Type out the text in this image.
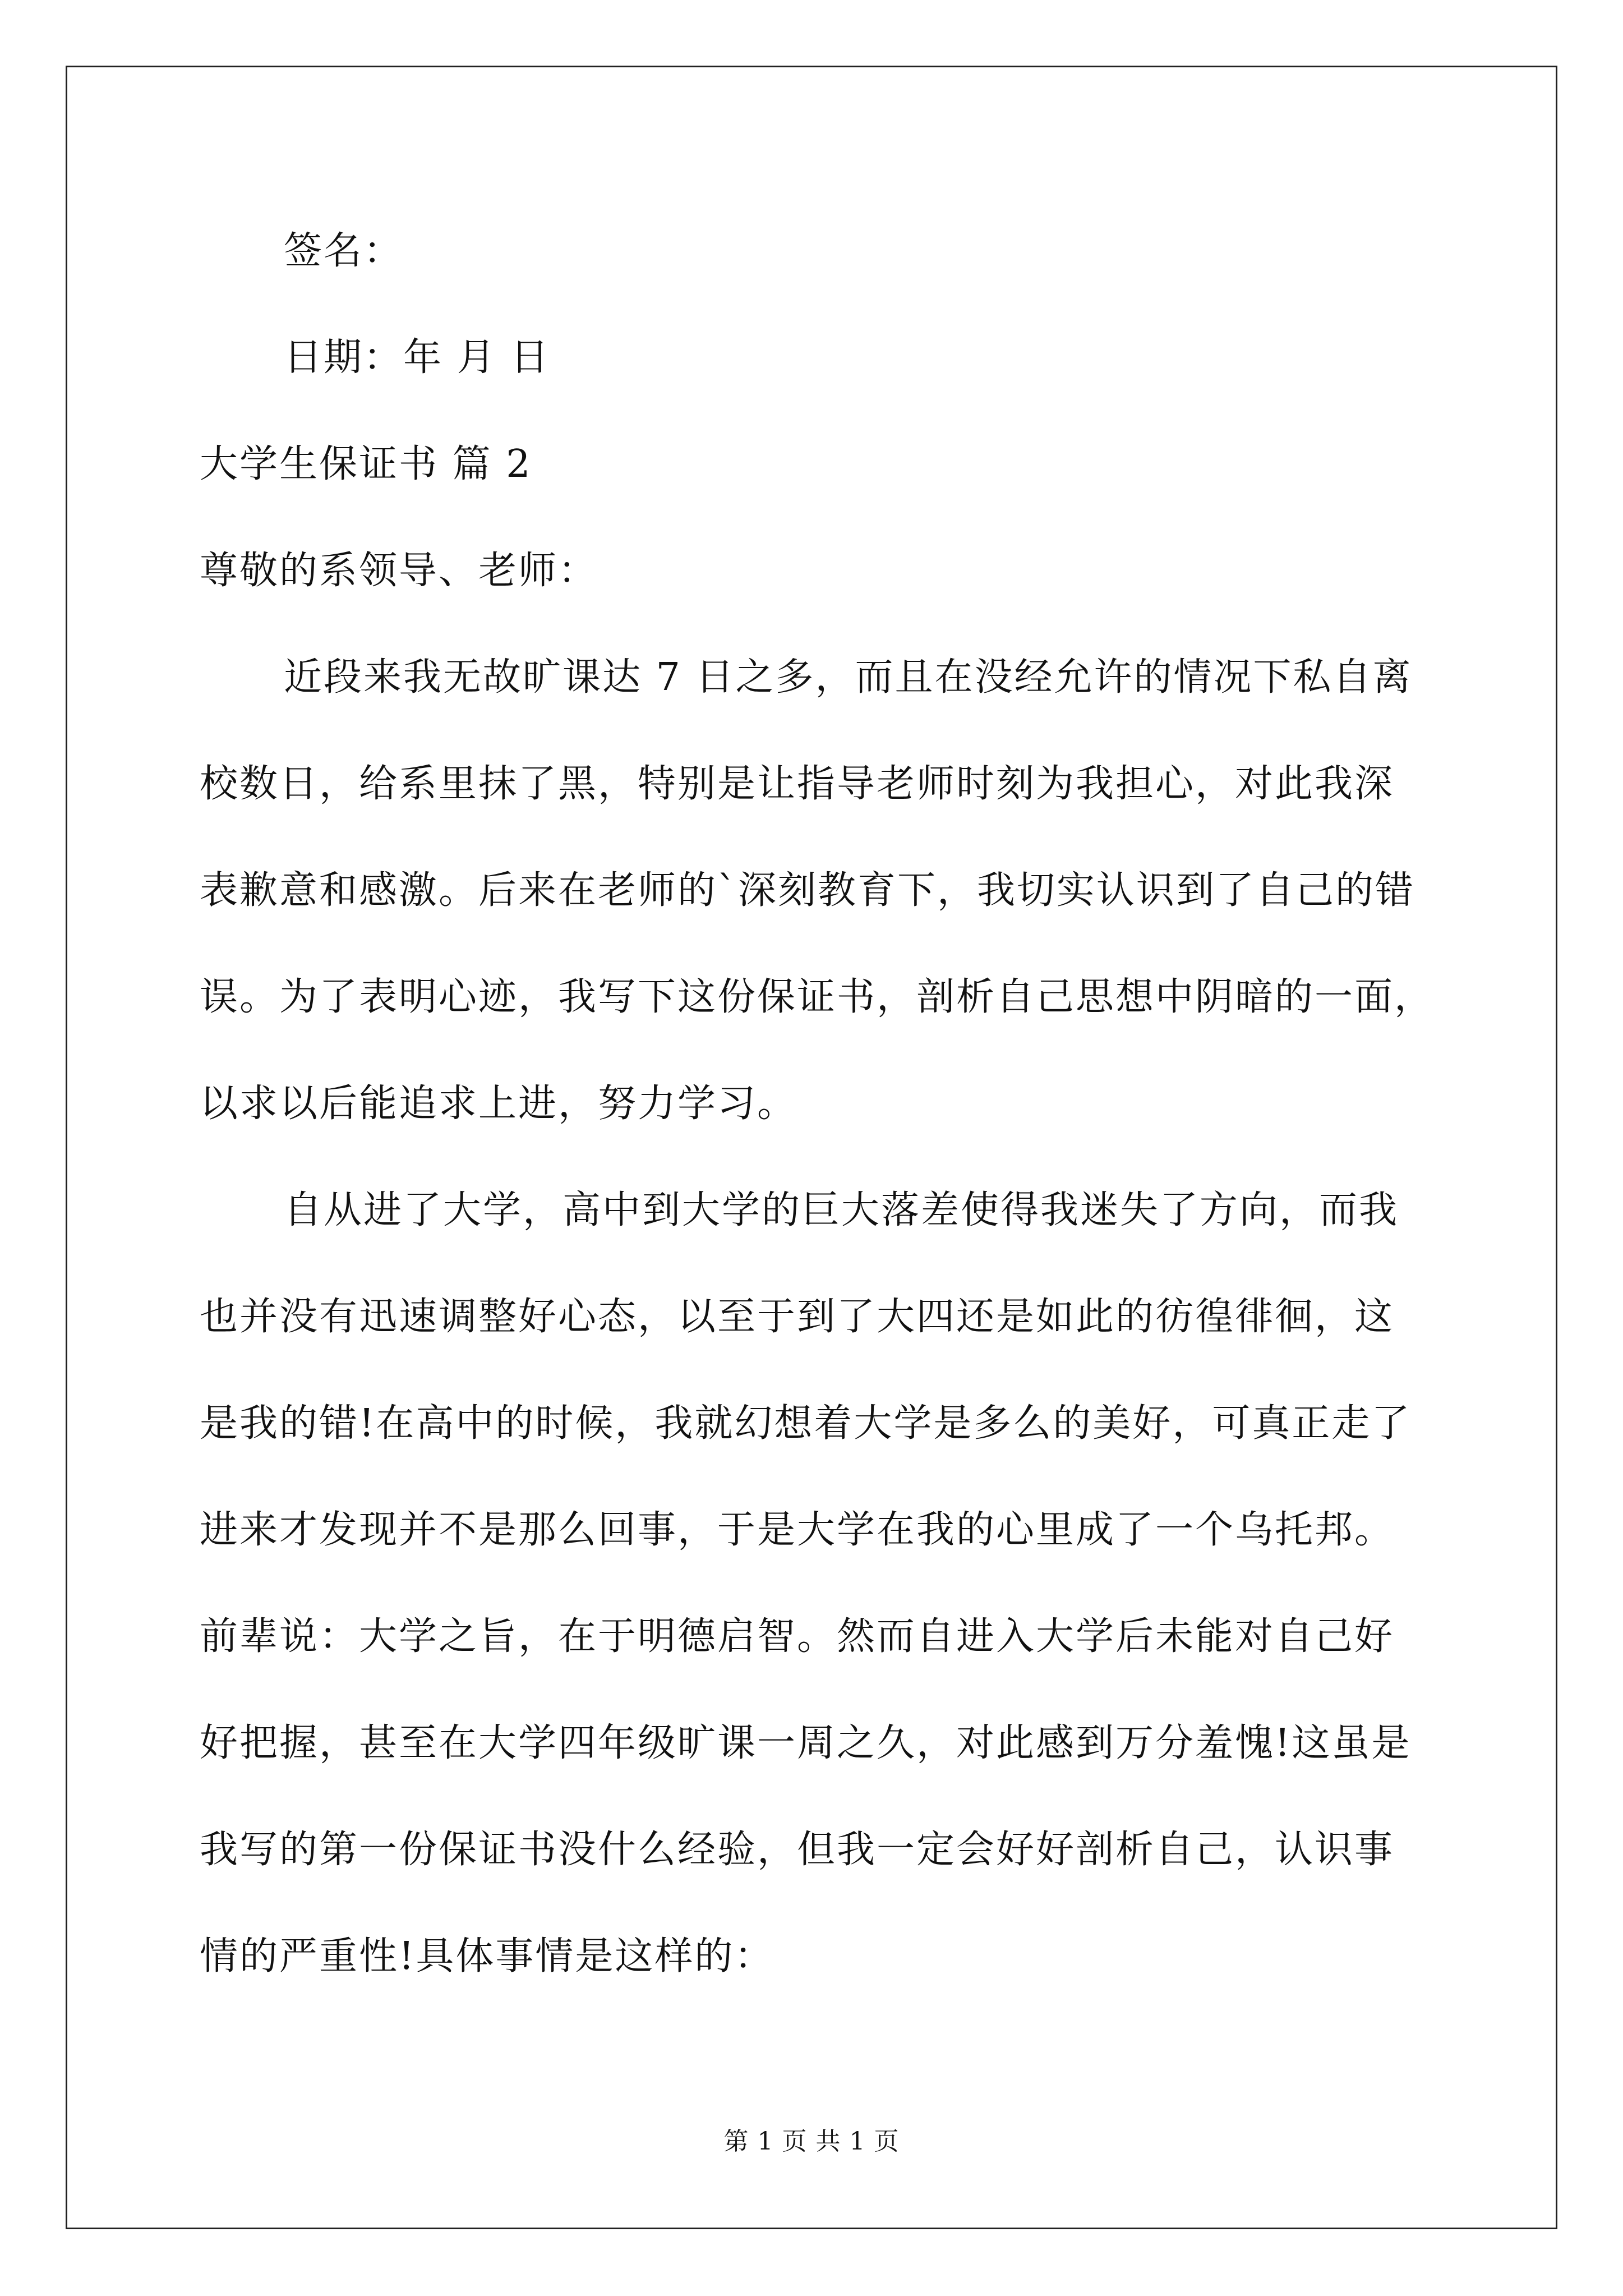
签名：
日期：年 月 日
大学生保证书 篇 2
尊敬的系领导、老师：
近段来我无故旷课达 7 日之多，而且在没经允许的情况下私自离
校数日，给系里抹了黑，特别是让指导老师时刻为我担心，对此我深
表歉意和感激。后来在老师的`深刻教育下，我切实认识到了自己的错
误。为了表明心迹，我写下这份保证书，剖析自己思想中阴暗的一面，
以求以后能追求上进，努力学习。
自从进了大学，高中到大学的巨大落差使得我迷失了方向，而我
也并没有迅速调整好心态，以至于到了大四还是如此的彷徨徘徊，这
是我的错!在高中的时候，我就幻想着大学是多么的美好，可真正走了
进来才发现并不是那么回事，于是大学在我的心里成了一个乌托邦。
前辈说：大学之旨，在于明德启智。然而自进入大学后未能对自己好
好把握，甚至在大学四年级旷课一周之久，对此感到万分羞愧!这虽是
我写的第一份保证书没什么经验，但我一定会好好剖析自己，认识事
情的严重性!具体事情是这样的：
第 1 页 共 1 页
